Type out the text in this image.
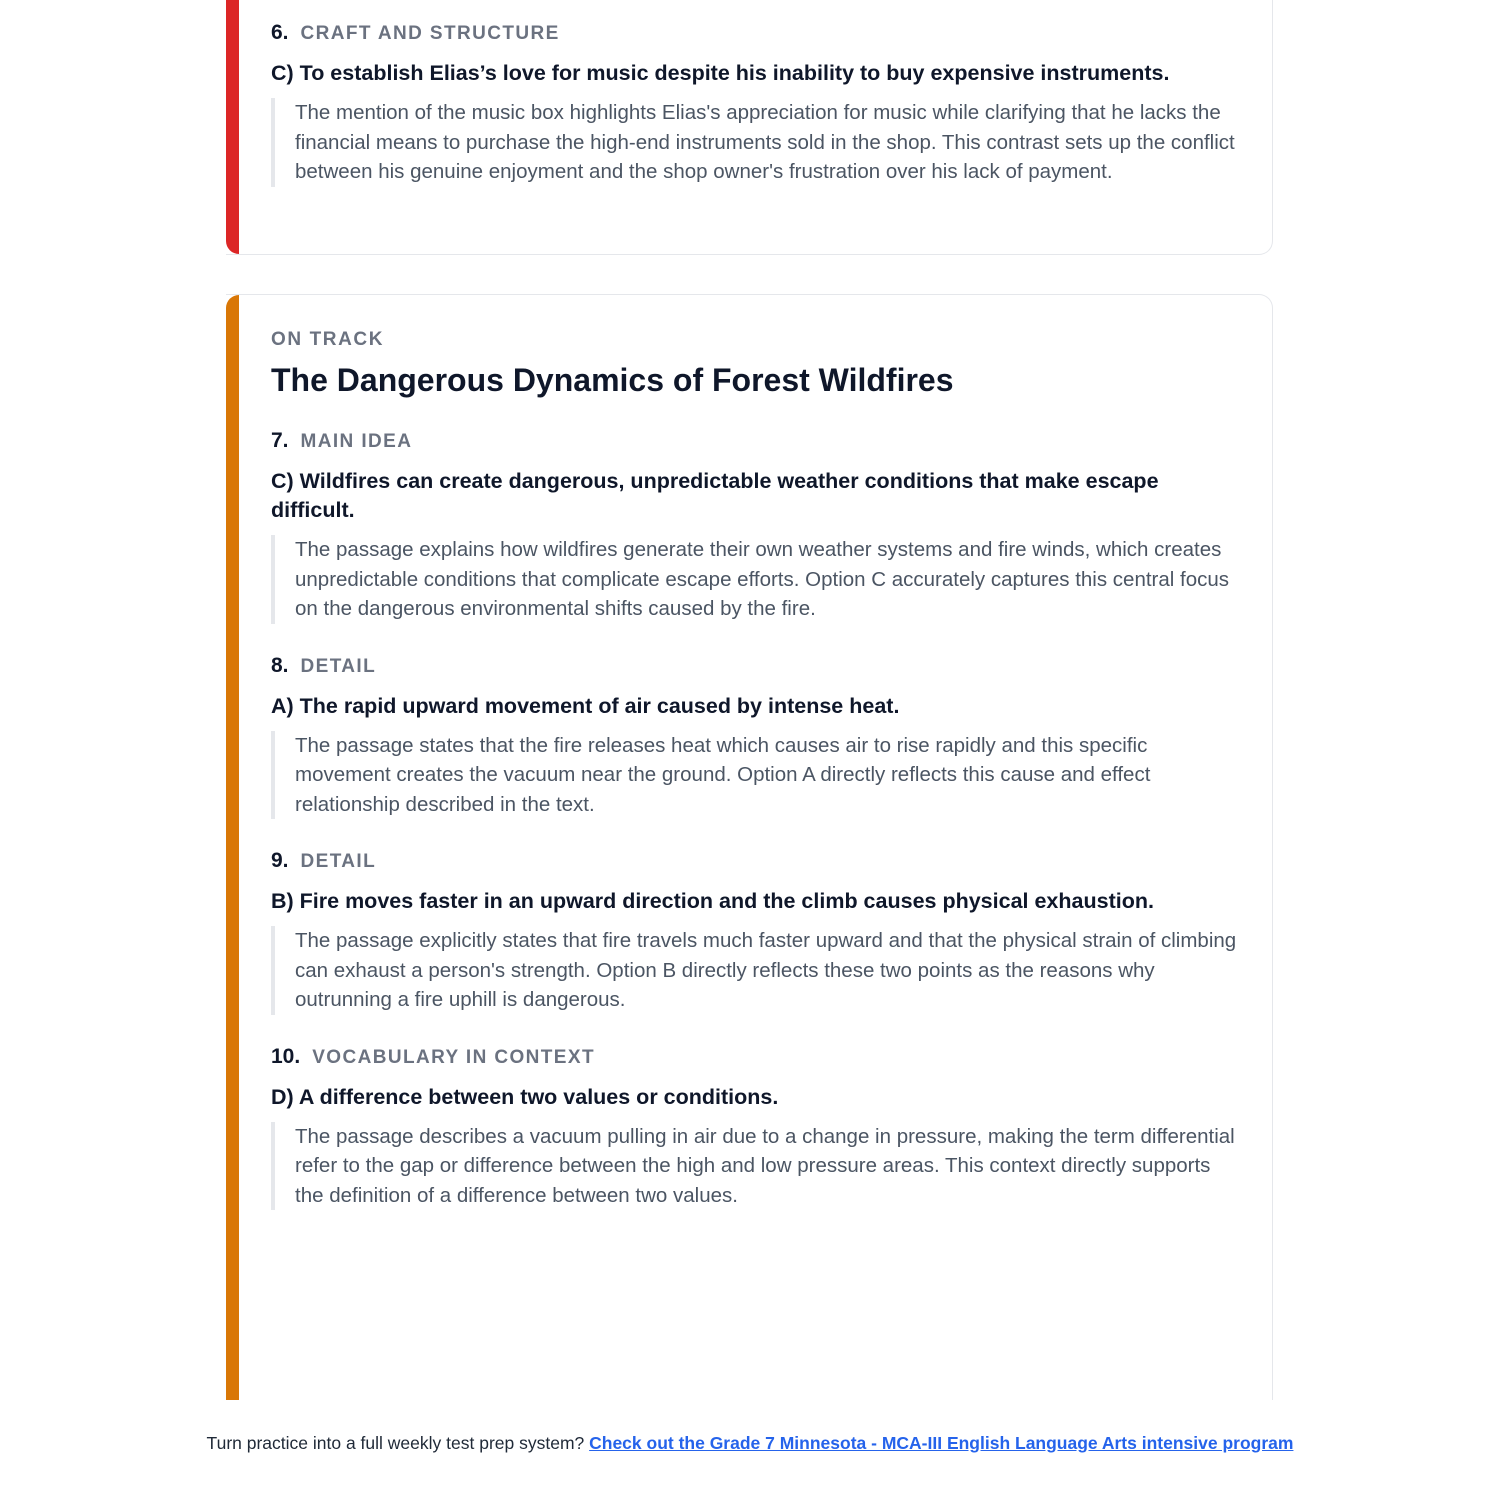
6. CRAFT AND STRUCTURE
C) To establish Elias’s love for music despite his inability to buy expensive instruments.
The mention of the music box highlights Elias's appreciation for music while clarifying that he lacks the financial means to purchase the high-end instruments sold in the shop. This contrast sets up the conflict between his genuine enjoyment and the shop owner's frustration over his lack of payment.
ON TRACK
The Dangerous Dynamics of Forest Wildfires
7. MAIN IDEA
C) Wildfires can create dangerous, unpredictable weather conditions that make escape difficult.
The passage explains how wildfires generate their own weather systems and fire winds, which creates unpredictable conditions that complicate escape efforts. Option C accurately captures this central focus on the dangerous environmental shifts caused by the fire.
8. DETAIL
A) The rapid upward movement of air caused by intense heat.
The passage states that the fire releases heat which causes air to rise rapidly and this specific movement creates the vacuum near the ground. Option A directly reflects this cause and effect relationship described in the text.
9. DETAIL
B) Fire moves faster in an upward direction and the climb causes physical exhaustion.
The passage explicitly states that fire travels much faster upward and that the physical strain of climbing can exhaust a person's strength. Option B directly reflects these two points as the reasons why outrunning a fire uphill is dangerous.
10. VOCABULARY IN CONTEXT
D) A difference between two values or conditions.
The passage describes a vacuum pulling in air due to a change in pressure, making the term differential refer to the gap or difference between the high and low pressure areas. This context directly supports the definition of a difference between two values.
Turn practice into a full weekly test prep system? Check out the Grade 7 Minnesota - MCA-III English Language Arts intensive program
